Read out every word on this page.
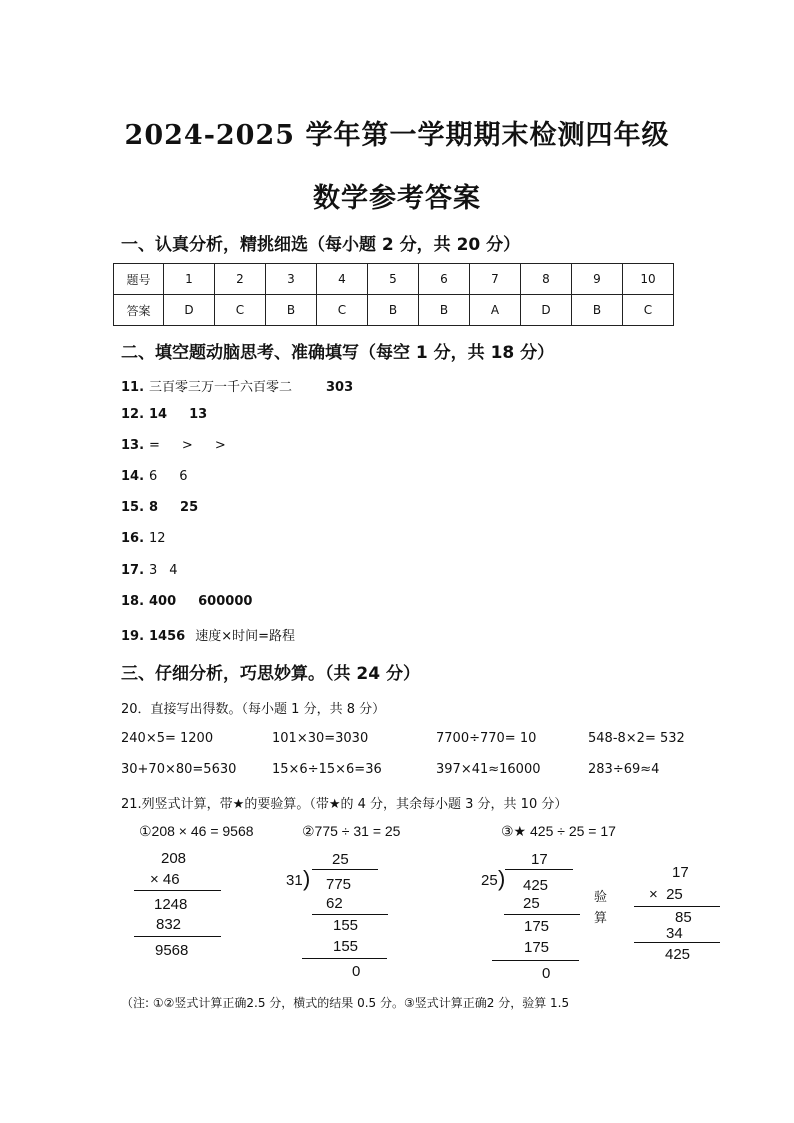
2024-2025 学年第一学期期末检测四年级
数学参考答案
一、认真分析，精挑细选（每小题 2 分，共 20 分）
题号	1	2	3	4	5	6	7	8	9	10
答案	D	C	B	C	B	B	A	D	B	C
二、填空题动脑思考、准确填写（每空 1 分，共 18 分）
11. 三百零三万一千六百零二	303
12. 14 13
13. = > >
14. 6 6
15. 8 25
16. 12
17. 3 4
18. 400 600000
19. 1456 速度×时间=路程
三、仔细分析，巧思妙算。（共 24 分）
20．直接写出得数。（每小题 1 分，共 8 分）
240×5= 1200	101×30=3030	7700÷770= 10	548-8×2= 532
30+70×80=5630	15×6÷15×6=36	397×41≈16000	283÷69≈4
21.列竖式计算，带★的要验算。（带★的 4 分，其余每小题 3 分，共 10 分）
①208 × 46 = 9568	②775 ÷ 31 = 25	③★ 425 ÷ 25 = 17
208
× 46
1248
832
9568
25
31 ) 775
62
155
155
0
17
25 ) 425
25
175
175
0
验
算
17
×  25
85
34
425
（注: ①②竖式计算正确2.5 分，横式的结果 0.5 分。③竖式计算正确2 分，验算 1.5
